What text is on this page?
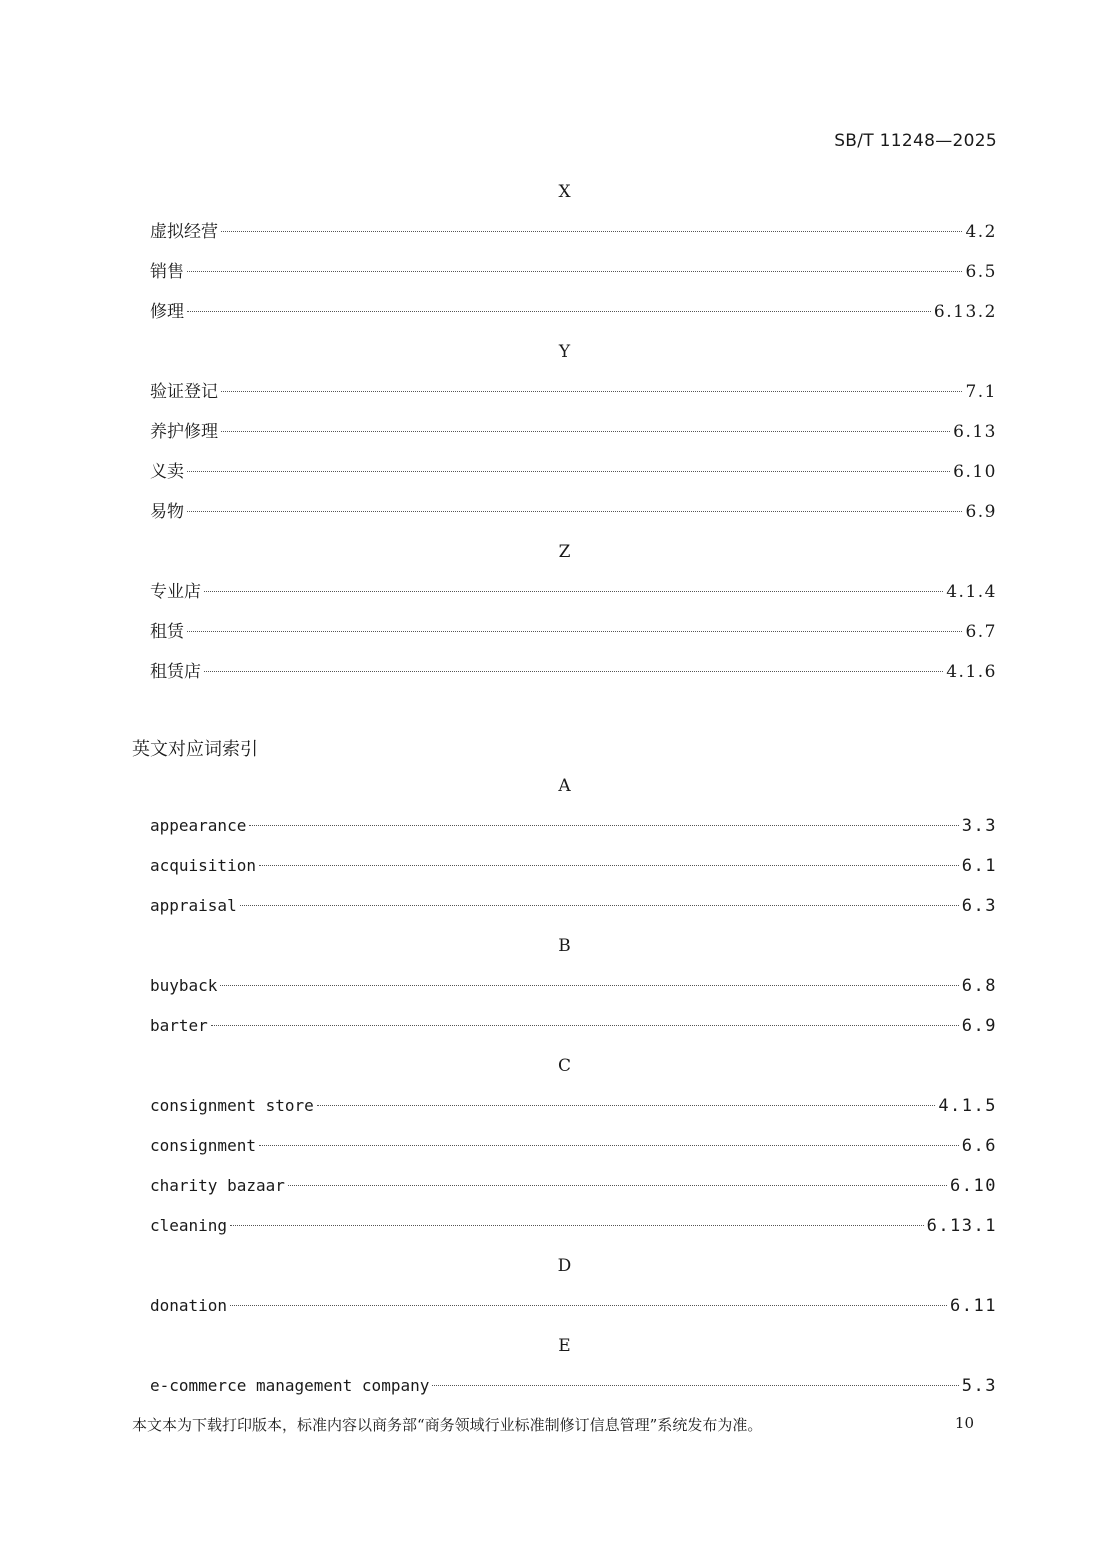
SB/T 11248—2025
X
虚拟经营	4.2
销售	6.5
修理	6.13.2
Y
验证登记	7.1
养护修理	6.13
义卖	6.10
易物	6.9
Z
专业店	4.1.4
租赁	6.7
租赁店	4.1.6
英文对应词索引
A
appearance	3.3
acquisition	6.1
appraisal	6.3
B
buyback	6.8
barter	6.9
C
consignment store	4.1.5
consignment	6.6
charity bazaar	6.10
cleaning	6.13.1
D
donation	6.11
E
e-commerce management company	5.3
本文本为下载打印版本，标准内容以商务部“商务领域行业标准制修订信息管理”系统发布为准。	10
